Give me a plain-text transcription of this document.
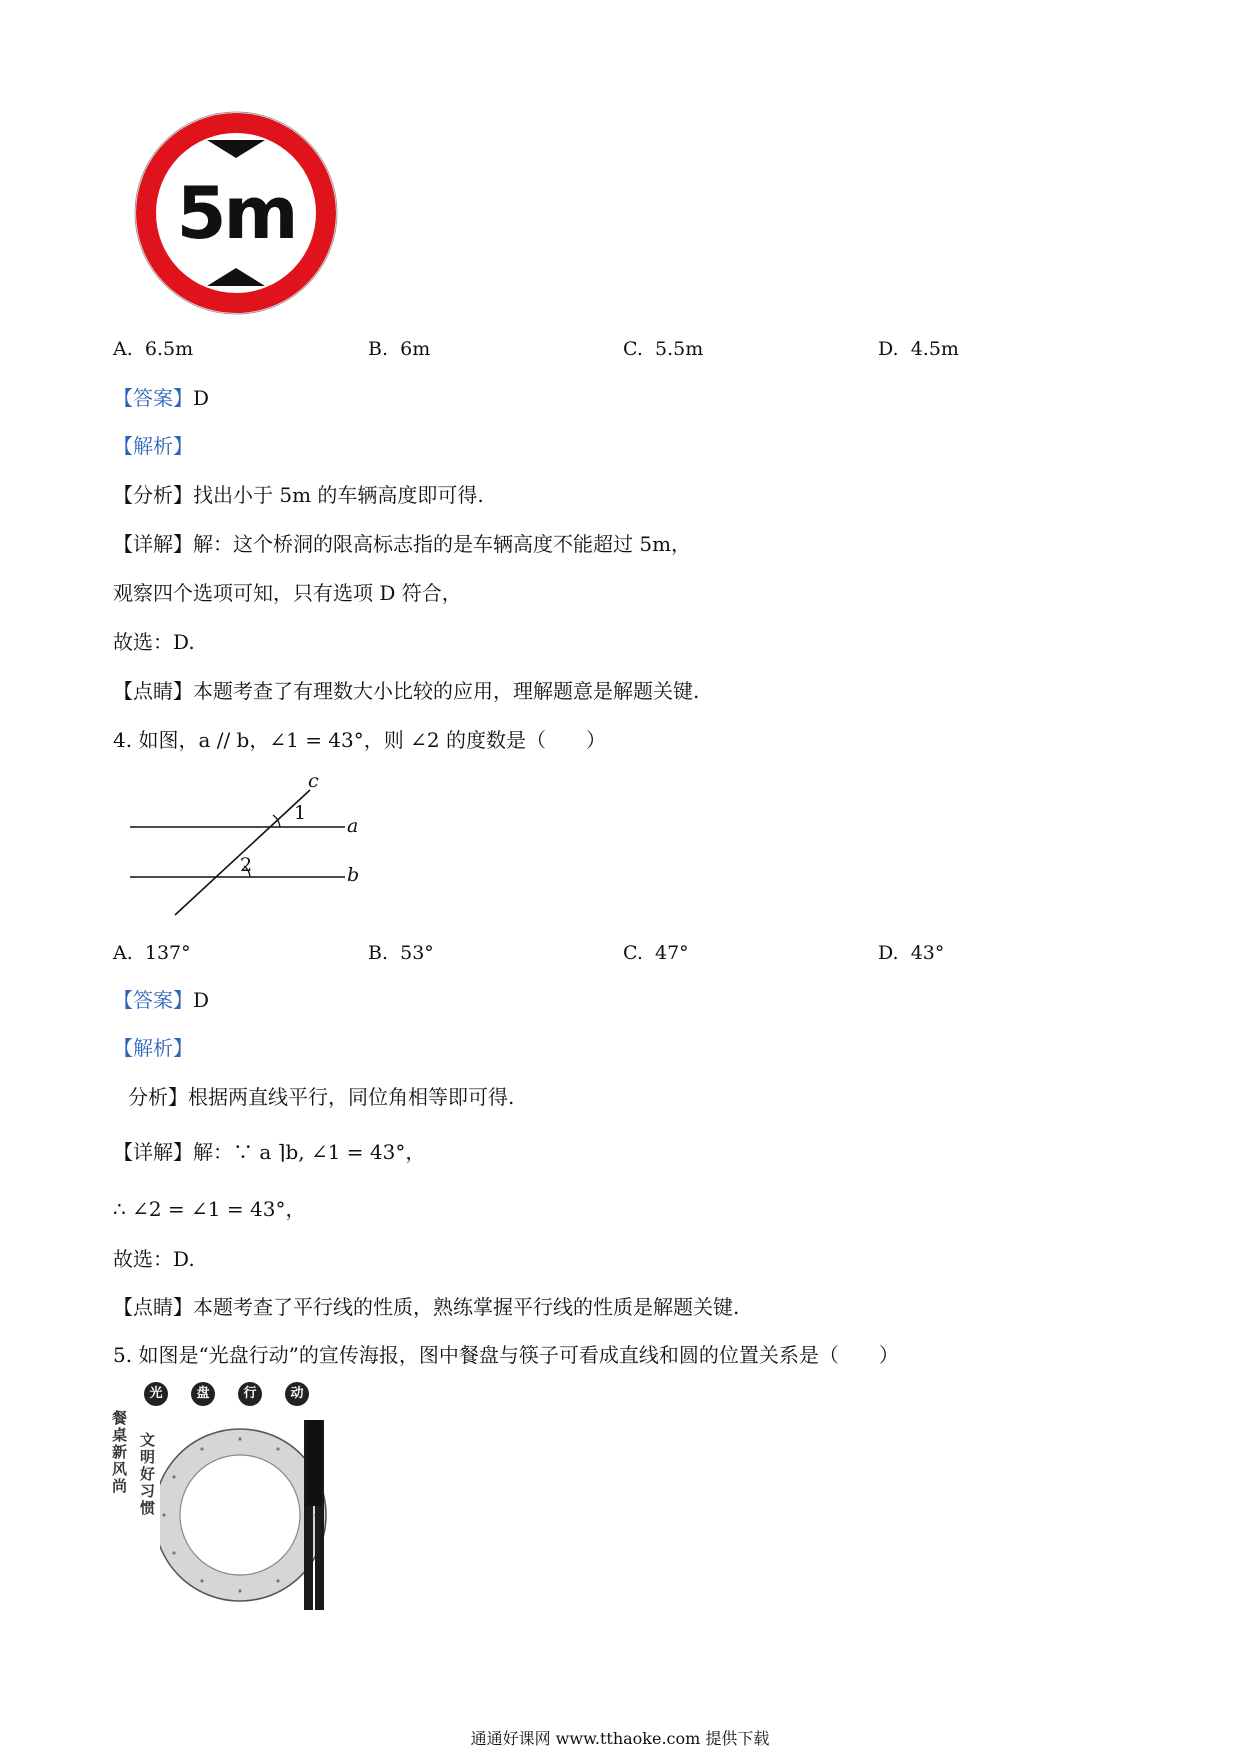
5m
A. 6.5m	B. 6m	C. 5.5m	D. 4.5m
【答案】D
【解析】
【分析】找出小于 5m 的车辆高度即可得.
【详解】解：这个桥洞的限高标志指的是车辆高度不能超过 5m，
观察四个选项可知，只有选项 D 符合，
故选：D.
【点睛】本题考查了有理数大小比较的应用，理解题意是解题关键.
4. 如图，a // b，∠1 = 43°，则 ∠2 的度数是（　　）
c
1
a
2	b
A. 137°	B. 53°	C. 47°	D. 43°
【答案】D
【解析】
分析】根据两直线平行，同位角相等即可得.
【详解】解：∵ a ⌉b, ∠1 = 43°，
∴ ∠2 = ∠1 = 43°，
故选：D.
【点睛】本题考查了平行线的性质，熟练掌握平行线的性质是解题关键.
5. 如图是“光盘行动”的宣传海报，图中餐盘与筷子可看成直线和圆的位置关系是（　　）
光	盘	行	动
餐桌新风尚
文明好习惯
通通好课网 www.tthaoke.com 提供下载
